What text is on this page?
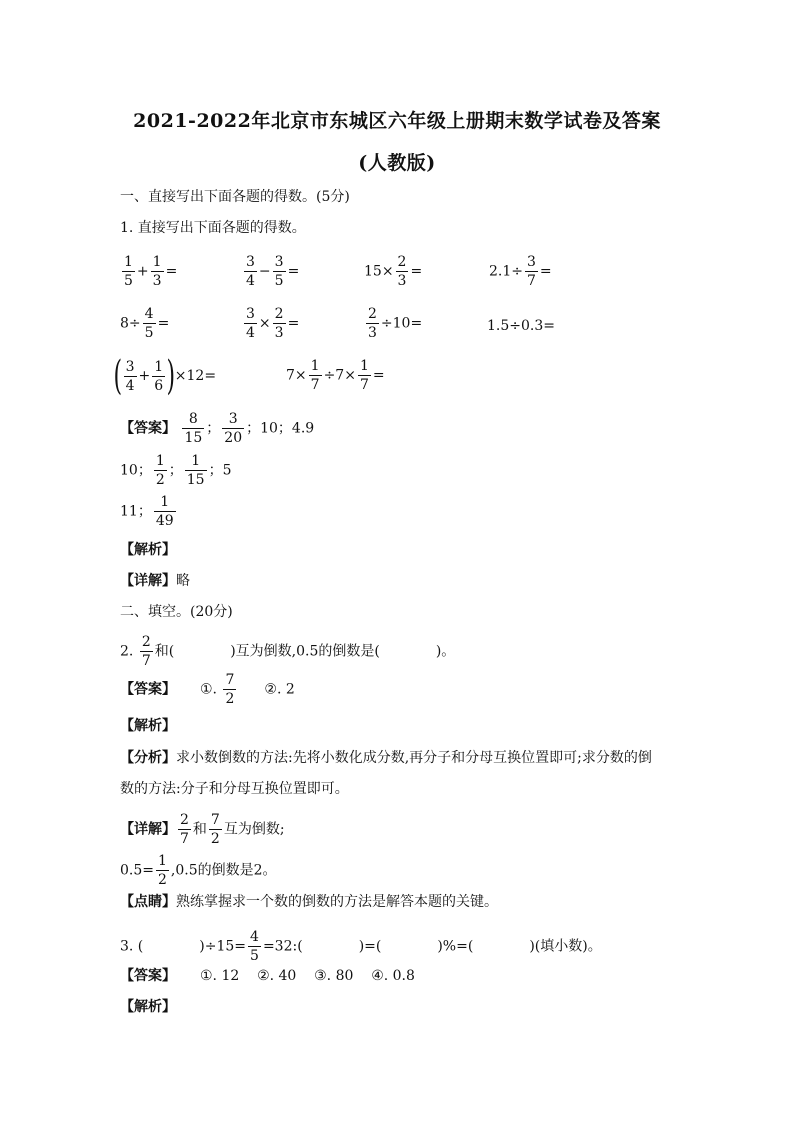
2021-2022年北京市东城区六年级上册期末数学试卷及答案
(人教版)
一、直接写出下面各题的得数。(5分)
1. 直接写出下面各题的得数。
$\frac{1}{5} + \frac{1}{3}$ =	$\frac{3}{4} - \frac{3}{5}$ =	$15\times \frac{2}{3}$ =	$2.1\div \frac{3}{7}$ =
$8\div \frac{4}{5}$ =	$\frac{3}{4} \times \frac{2}{3}$ =	$\frac{2}{3} \div 10=$	1.5÷0.3=
( $\frac{3}{4} + \frac{1}{6} )\times 12=$	$7\times \frac{1}{7} \div 7\times \frac{1}{7}$ =
【答案】 $\frac{8}{15}$ ； $\frac{3}{20}$ ；10；4.9
10； $\frac{1}{2}$ ； $\frac{1}{15}$ ；5
11； $\frac{1}{49}$
【解析】
【详解】略
二、填空。(20分)
2. $\frac{2}{7}$ 和(	)互为倒数,0.5的倒数是(	)。
【答案】 ①. $\frac{7}{2}$ ②. 2
【解析】
【分析】求小数倒数的方法:先将小数化成分数,再分子和分母互换位置即可;求分数的倒
数的方法:分子和分母互换位置即可。
【详解】 $\frac{2}{7}$ 和 $\frac{7}{2}$ 互为倒数;
$0.5= \frac{1}{2} ,0.5$的倒数是2。
【点睛】熟练掌握求一个数的倒数的方法是解答本题的关键。
3. (	)$\div 15= \frac{4}{5}$ =32:(	)=(	)%=(	)(填小数)。
【答案】 ①. 12    ②. 40    ③. 80    ④. 0.8
【解析】
